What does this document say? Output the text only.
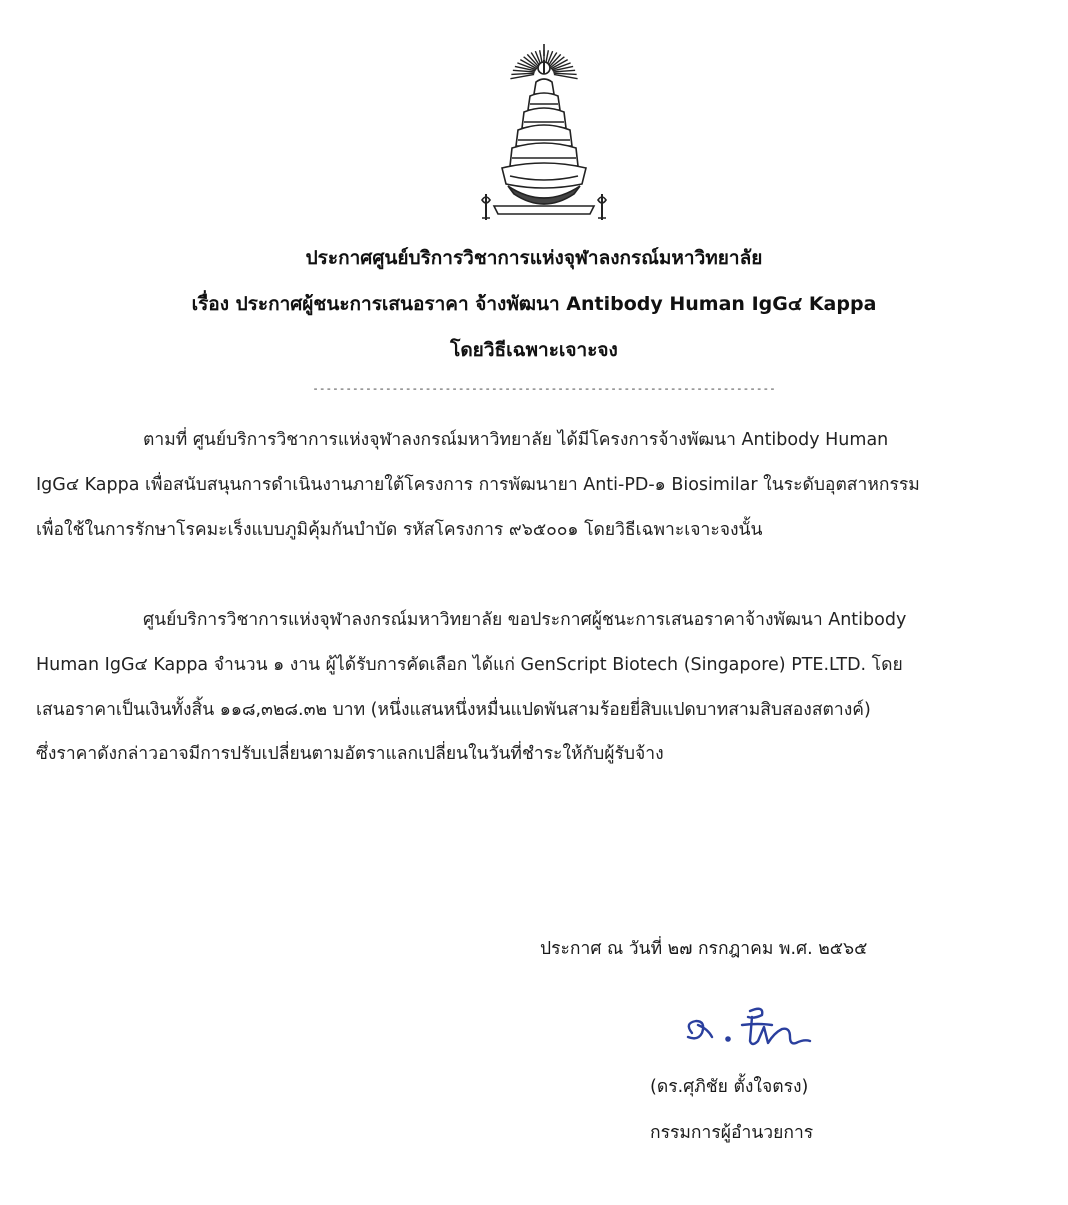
ประกาศศูนย์บริการวิชาการแห่งจุฬาลงกรณ์มหาวิทยาลัย
เรื่อง ประกาศผู้ชนะการเสนอราคา จ้างพัฒนา Antibody Human IgG๔ Kappa
โดยวิธีเฉพาะเจาะจง
----------------------------------------------------------------------
ตามที่ ศูนย์บริการวิชาการแห่งจุฬาลงกรณ์มหาวิทยาลัย ได้มีโครงการจ้างพัฒนา Antibody Human
IgG๔ Kappa เพื่อสนับสนุนการดำเนินงานภายใต้โครงการ การพัฒนายา Anti-PD-๑ Biosimilar ในระดับอุตสาหกรรม
เพื่อใช้ในการรักษาโรคมะเร็งแบบภูมิคุ้มกันบำบัด รหัสโครงการ ๙๖๕๐๐๑ โดยวิธีเฉพาะเจาะจงนั้น
ศูนย์บริการวิชาการแห่งจุฬาลงกรณ์มหาวิทยาลัย ขอประกาศผู้ชนะการเสนอราคาจ้างพัฒนา Antibody
Human IgG๔ Kappa จำนวน ๑ งาน ผู้ได้รับการคัดเลือก ได้แก่ GenScript Biotech (Singapore) PTE.LTD. โดย
เสนอราคาเป็นเงินทั้งสิ้น ๑๑๘,๓๒๘.๓๒ บาท (หนึ่งแสนหนึ่งหมื่นแปดพันสามร้อยยี่สิบแปดบาทสามสิบสองสตางค์)
ซึ่งราคาดังกล่าวอาจมีการปรับเปลี่ยนตามอัตราแลกเปลี่ยนในวันที่ชำระให้กับผู้รับจ้าง
ประกาศ ณ วันที่ ๒๗ กรกฎาคม พ.ศ. ๒๕๖๕
(ดร.ศุภิชัย ตั้งใจตรง)
กรรมการผู้อำนวยการ
